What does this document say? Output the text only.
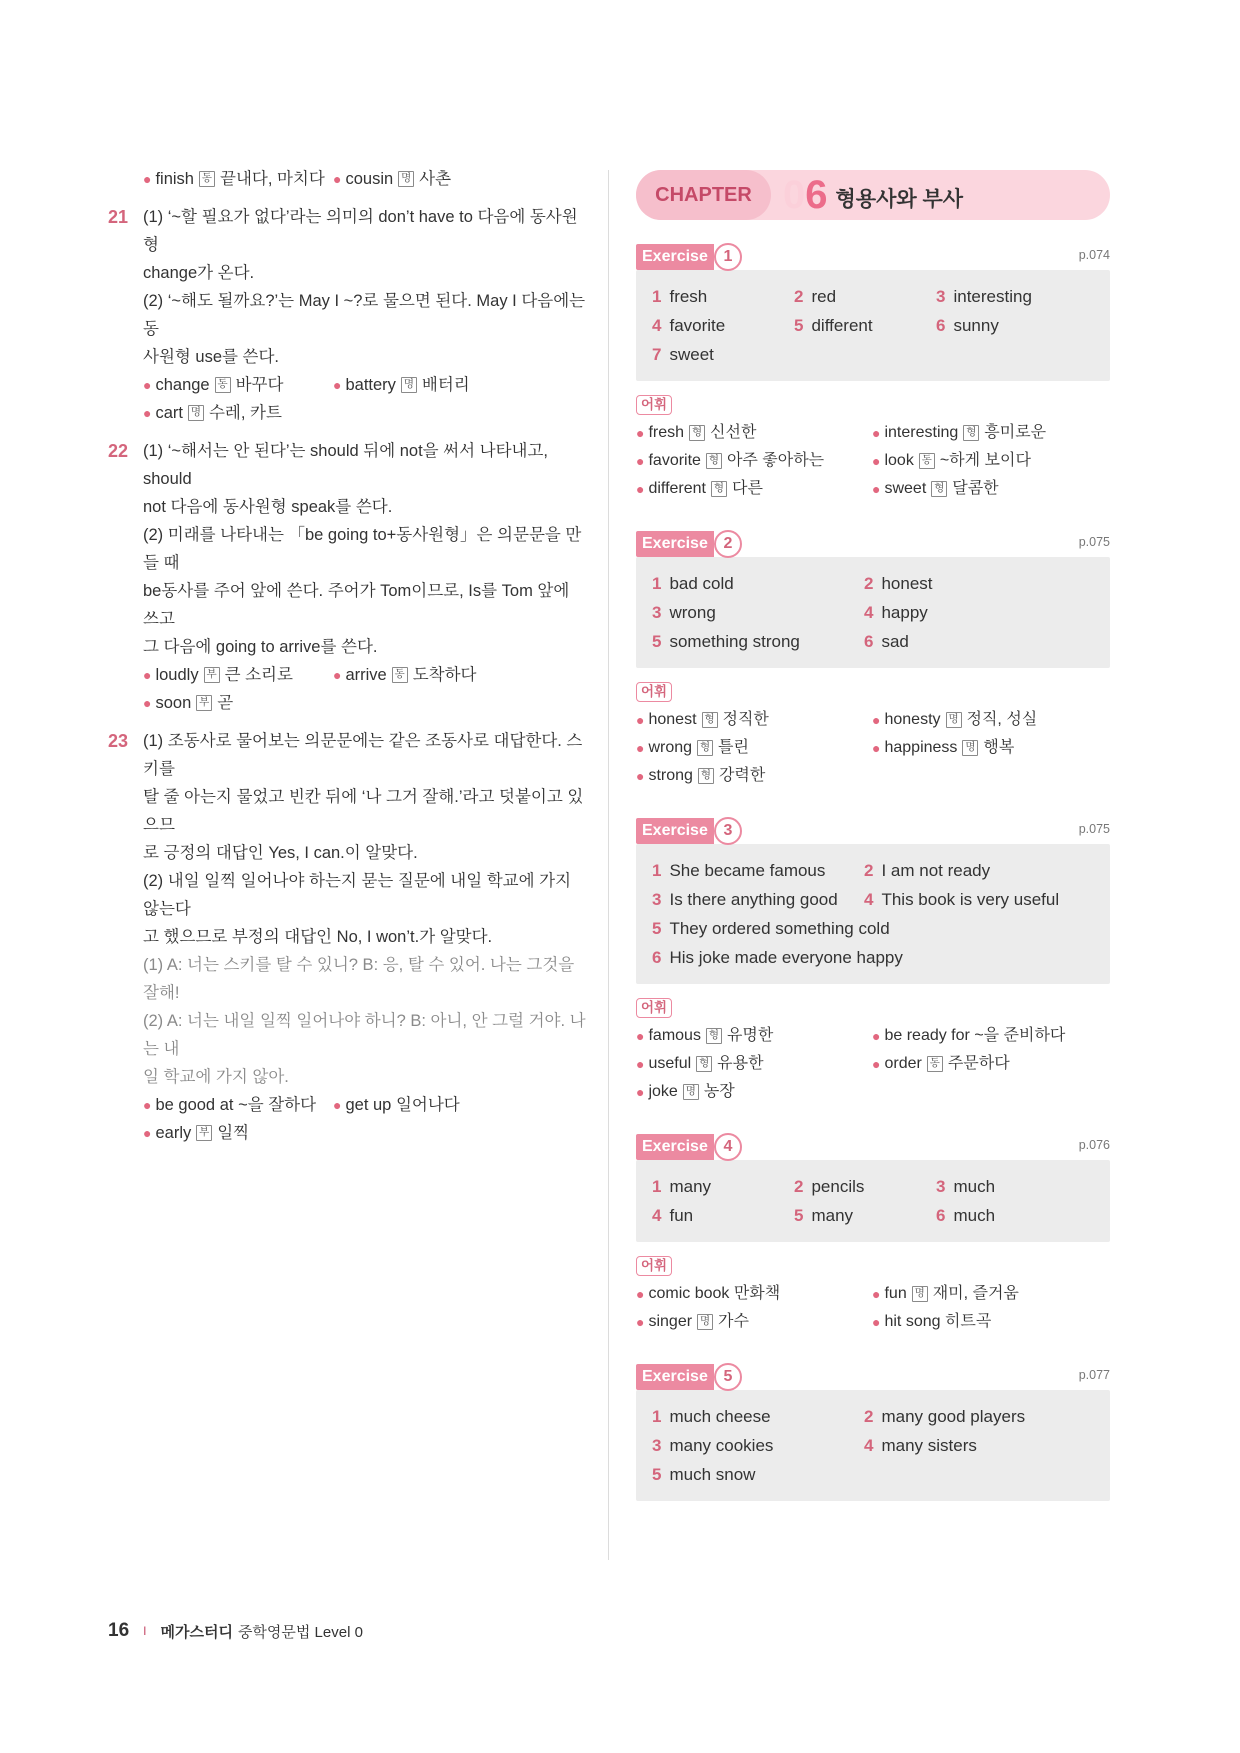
● finish 동 끝내다, 마치다 ● cousin 명 사촌
21 (1) ‘~할 필요가 없다’라는 의미의 don’t have to 다음에 동사원형

change가 온다.

(2) ‘~해도 될까요?’는 May I ~?로 물으면 된다. May I 다음에는 동

사원형 use를 쓴다.

● change 동 바꾸다	● battery 명 배터리
● cart 명 수레, 카트
22 (1) ‘~해서는 안 된다’는 should 뒤에 not을 써서 나타내고, should

not 다음에 동사원형 speak를 쓴다.

(2) 미래를 나타내는 「be going to+동사원형」은 의문문을 만들 때

be동사를 주어 앞에 쓴다. 주어가 Tom이므로, Is를 Tom 앞에 쓰고

그 다음에 going to arrive를 쓴다.

● loudly 부 큰 소리로	● arrive 동 도착하다
● soon 부 곧
23 (1) 조동사로 물어보는 의문문에는 같은 조동사로 대답한다. 스키를

탈 줄 아는지 물었고 빈칸 뒤에 ‘나 그거 잘해.’라고 덧붙이고 있으므

로 긍정의 대답인 Yes, I can.이 알맞다.

(2) 내일 일찍 일어나야 하는지 묻는 질문에 내일 학교에 가지 않는다

고 했으므로 부정의 대답인 No, I won’t.가 알맞다.

(1) A: 너는 스키를 탈 수 있니? B: 응, 탈 수 있어. 나는 그것을 잘해!

(2) A: 너는 내일 일찍 일어나야 하니? B: 아니, 안 그럴 거야. 나는 내

일 학교에 가지 않아.

● be good at
~을 잘하다 ● get up
일어나다
● early 부 일찍
CHAPTER 06 형용사와 부사
Exercise 1	p.074
1 fresh	2 red	3 interesting
4 favorite	5 different	6 sunny
7 sweet
어휘
● fresh 형 신선한	● interesting 형 흥미로운
● favorite 형 아주 좋아하는	● look 동 ~하게 보이다
● different 형 다른	● sweet 형 달콤한
Exercise 2	p.075
1 bad cold	2 honest
3 wrong	4 happy
5 something strong	6 sad
어휘
● honest 형 정직한	● honesty 명 정직, 성실
● wrong 형 틀린	● happiness 명 행복
● strong 형 강력한
Exercise 3	p.075
1 She became famous 2 I am not ready
3 Is there anything good 4 This book is very useful
5 They ordered something cold
6 His joke made everyone happy
어휘
● famous 형 유명한	● be ready for
~을 준비하다
● useful 형 유용한	● order 동 주문하다
● joke 명 농장
Exercise 4	p.076
1 many	2 pencils	3 much
4 fun	5 many	6 much
어휘
● comic book
만화책	● fun 명 재미, 즐거움
● singer 명 가수	● hit song
히트곡
Exercise 5	p.077
1 much cheese	2 many good players
3 many cookies	4 many sisters
5 much snow
16 I 메가스터디 중학영문법 Level 0
